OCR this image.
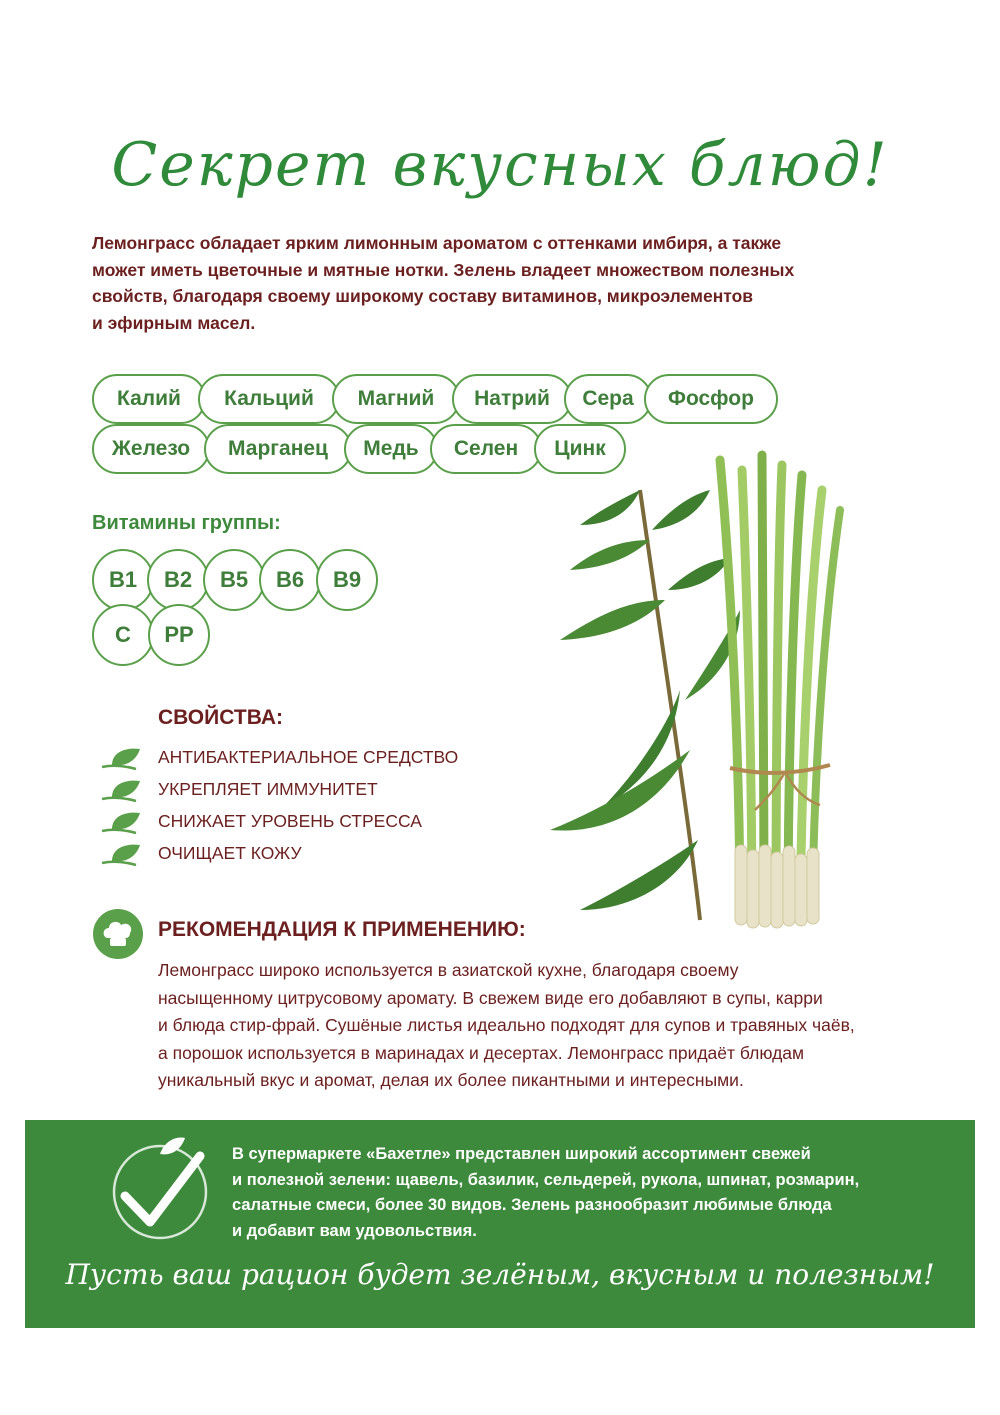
Секрет вкусных блюд!
Лемонграсс обладает ярким лимонным ароматом с оттенками имбиря, а также
может иметь цветочные и мятные нотки. Зелень владеет множеством полезных
свойств, благодаря своему широкому составу витаминов, микроэлементов
и эфирным масел.
Калий	Кальций	Магний	Натрий	Сера	Фосфор
Железо	Марганец	Медь	Селен	Цинк
Витамины группы:
B1	B2	B5	B6	B9
C	PP
СВОЙСТВА:
АНТИБАКТЕРИАЛЬНОЕ СРЕДСТВО
УКРЕПЛЯЕТ ИММУНИТЕТ
СНИЖАЕТ УРОВЕНЬ СТРЕССА
ОЧИЩАЕТ КОЖУ
РЕКОМЕНДАЦИЯ К ПРИМЕНЕНИЮ:
Лемонграсс широко используется в азиатской кухне, благодаря своему
насыщенному цитрусовому аромату. В свежем виде его добавляют в супы, карри
и блюда стир-фрай. Сушёные листья идеально подходят для супов и травяных чаёв,
а порошок используется в маринадах и десертах. Лемонграсс придаёт блюдам
уникальный вкус и аромат, делая их более пикантными и интересными.
В супермаркете «Бахетле» представлен широкий ассортимент свежей
и полезной зелени: щавель, базилик, сельдерей, рукола, шпинат, розмарин,
салатные смеси, более 30 видов. Зелень разнообразит любимые блюда
и добавит вам удовольствия.
Пусть ваш рацион будет зелёным, вкусным и полезным!
